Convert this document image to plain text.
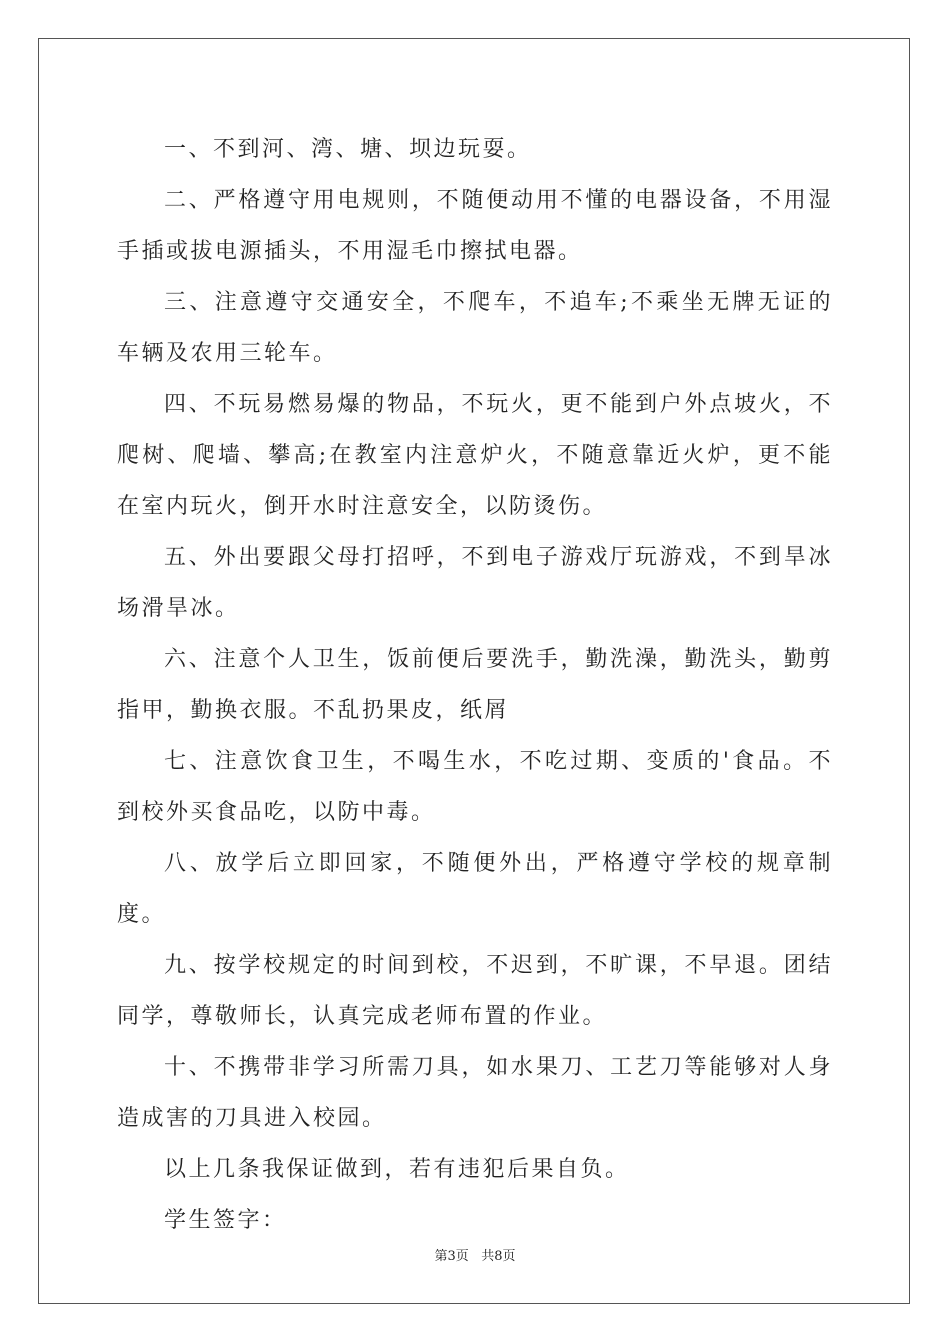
一、不到河、湾、塘、坝边玩耍。

二、严格遵守用电规则，不随便动用不懂的电器设备，不用湿手插或拔电源插头，不用湿毛巾擦拭电器。

三、注意遵守交通安全，不爬车，不追车;不乘坐无牌无证的车辆及农用三轮车。

四、不玩易燃易爆的物品，不玩火，更不能到户外点坡火，不爬树、爬墙、攀高;在教室内注意炉火，不随意靠近火炉，更不能在室内玩火，倒开水时注意安全，以防烫伤。

五、外出要跟父母打招呼，不到电子游戏厅玩游戏，不到旱冰场滑旱冰。

六、注意个人卫生，饭前便后要洗手，勤洗澡，勤洗头，勤剪指甲，勤换衣服。不乱扔果皮，纸屑

七、注意饮食卫生，不喝生水，不吃过期、变质的'食品。不到校外买食品吃，以防中毒。

八、放学后立即回家，不随便外出，严格遵守学校的规章制度。

九、按学校规定的时间到校，不迟到，不旷课，不早退。团结同学，尊敬师长，认真完成老师布置的作业。

十、不携带非学习所需刀具，如水果刀、工艺刀等能够对人身造成害的刀具进入校园。

以上几条我保证做到，若有违犯后果自负。

学生签字：

第3页 共8页
